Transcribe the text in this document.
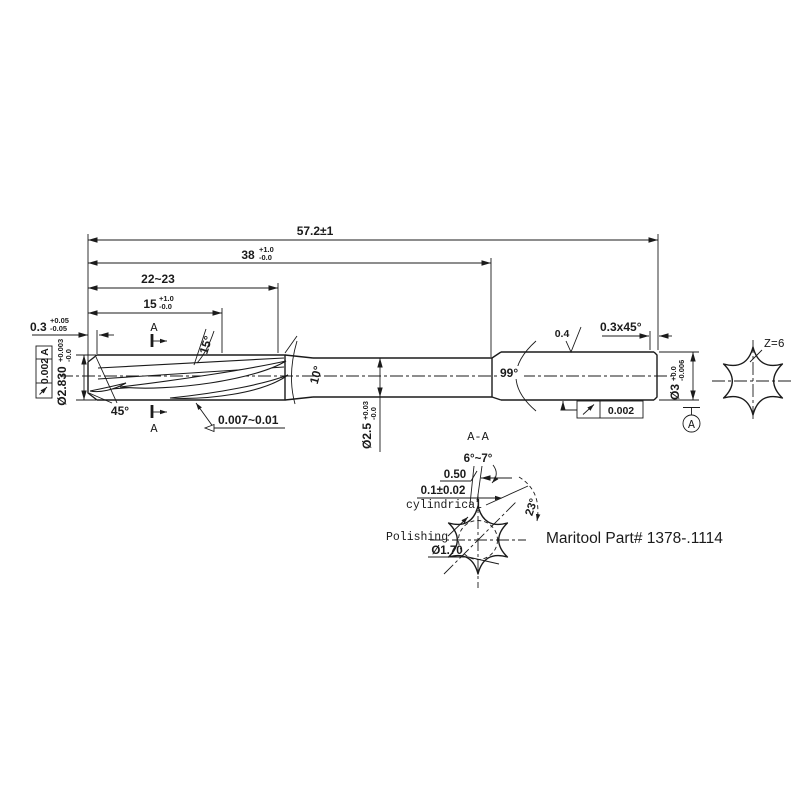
57.2±1
38 +1.0
-0.0
22~23
15 +1.0
-0.0
0.3 +0.05
-0.05
Ø2.830
+0.003 -0.0
A
0.002
A
A
15°
45°
0.007~0.01
10°
Ø2.5
+0.03 -0.0
99°
0.4	0.3x45°
Ø3
+0.0 -0.006
A
0.002
A-A
6°~7°
0.50
0.1±0.02
cylindrical	23°
Polishing
Ø1.70
Z=6
Maritool Part# 1378-.1114
